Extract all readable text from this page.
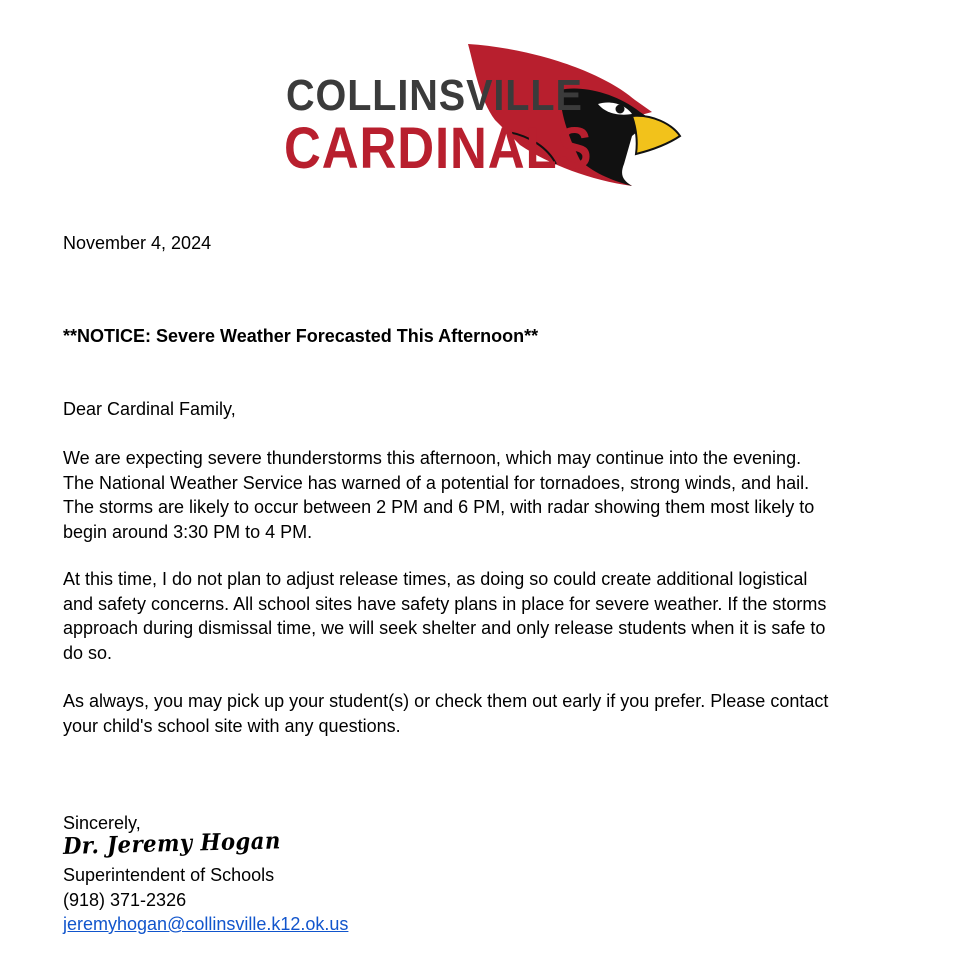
COLLINSVILLE
CARDINALS
November 4, 2024
**NOTICE: Severe Weather Forecasted This Afternoon**
Dear Cardinal Family,
We are expecting severe thunderstorms this afternoon, which may continue into the evening.
The National Weather Service has warned of a potential for tornadoes, strong winds, and hail.
The storms are likely to occur between 2 PM and 6 PM, with radar showing them most likely to
begin around 3:30 PM to 4 PM.
At this time, I do not plan to adjust release times, as doing so could create additional logistical
and safety concerns. All school sites have safety plans in place for severe weather. If the storms
approach during dismissal time, we will seek shelter and only release students when it is safe to
do so.
As always, you may pick up your student(s) or check them out early if you prefer. Please contact
your child's school site with any questions.
Sincerely,
Dr. Jeremy Hogan
Superintendent of Schools
(918) 371-2326
jeremyhogan@collinsville.k12.ok.us
